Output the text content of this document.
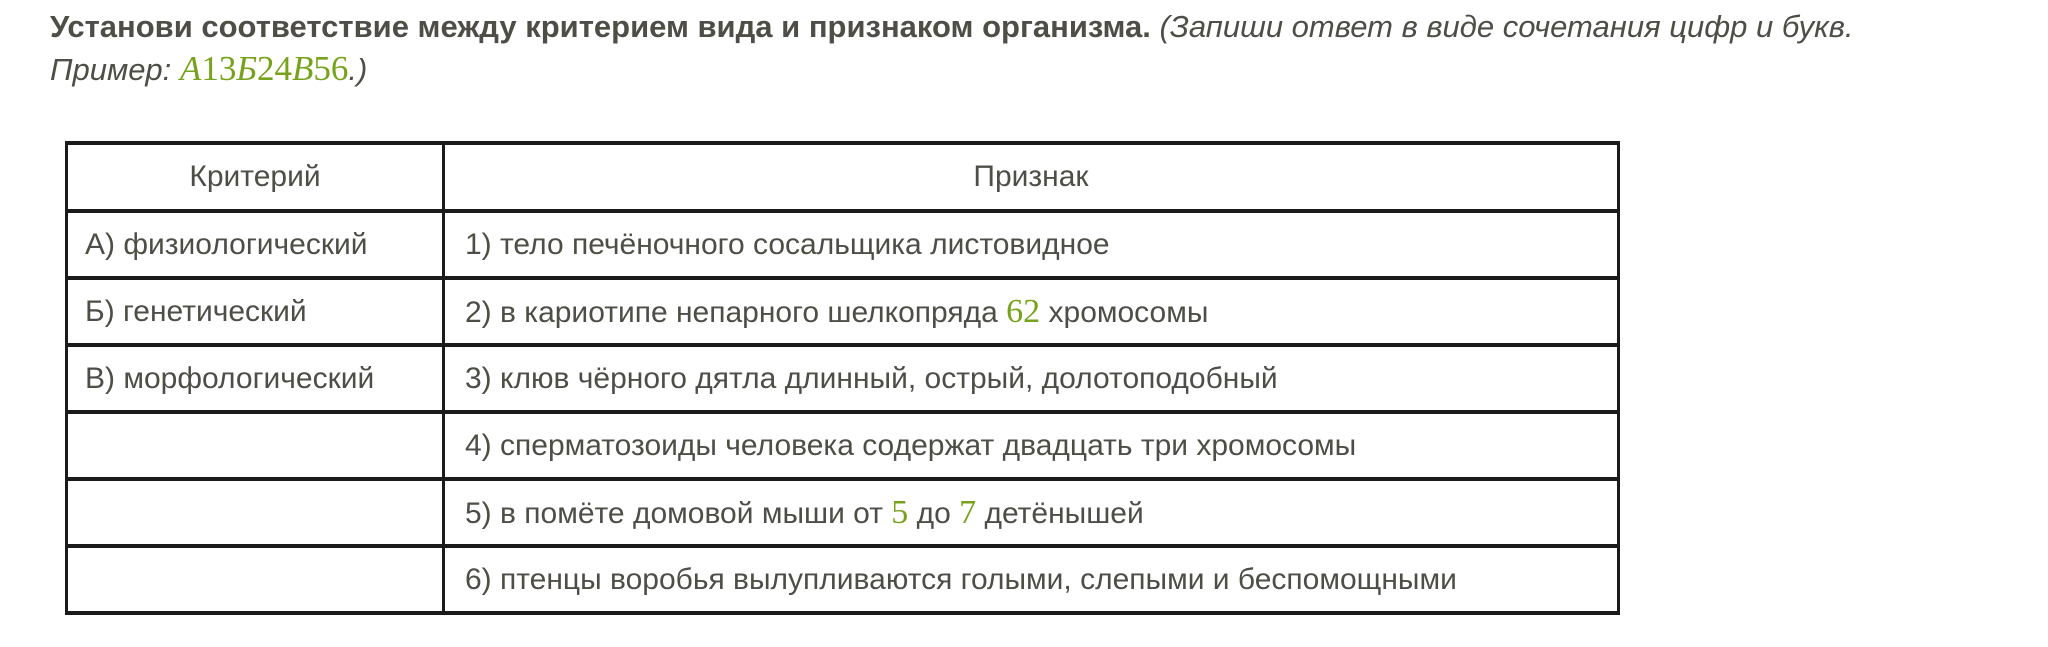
Установи соответствие между критерием вида и признаком организма. (Запиши ответ в виде сочетания цифр и букв.
Пример: А13Б24В56.)
Критерий	Признак
А) физиологический	1) тело печёночного сосальщика листовидное
Б) генетический	2) в кариотипе непарного шелкопряда 62 хромосомы
В) морфологический	3) клюв чёрного дятла длинный, острый, долотоподобный
	4) сперматозоиды человека содержат двадцать три хромосомы
	5) в помёте домовой мыши от 5 до 7 детёнышей
	6) птенцы воробья вылупливаются голыми, слепыми и беспомощными
